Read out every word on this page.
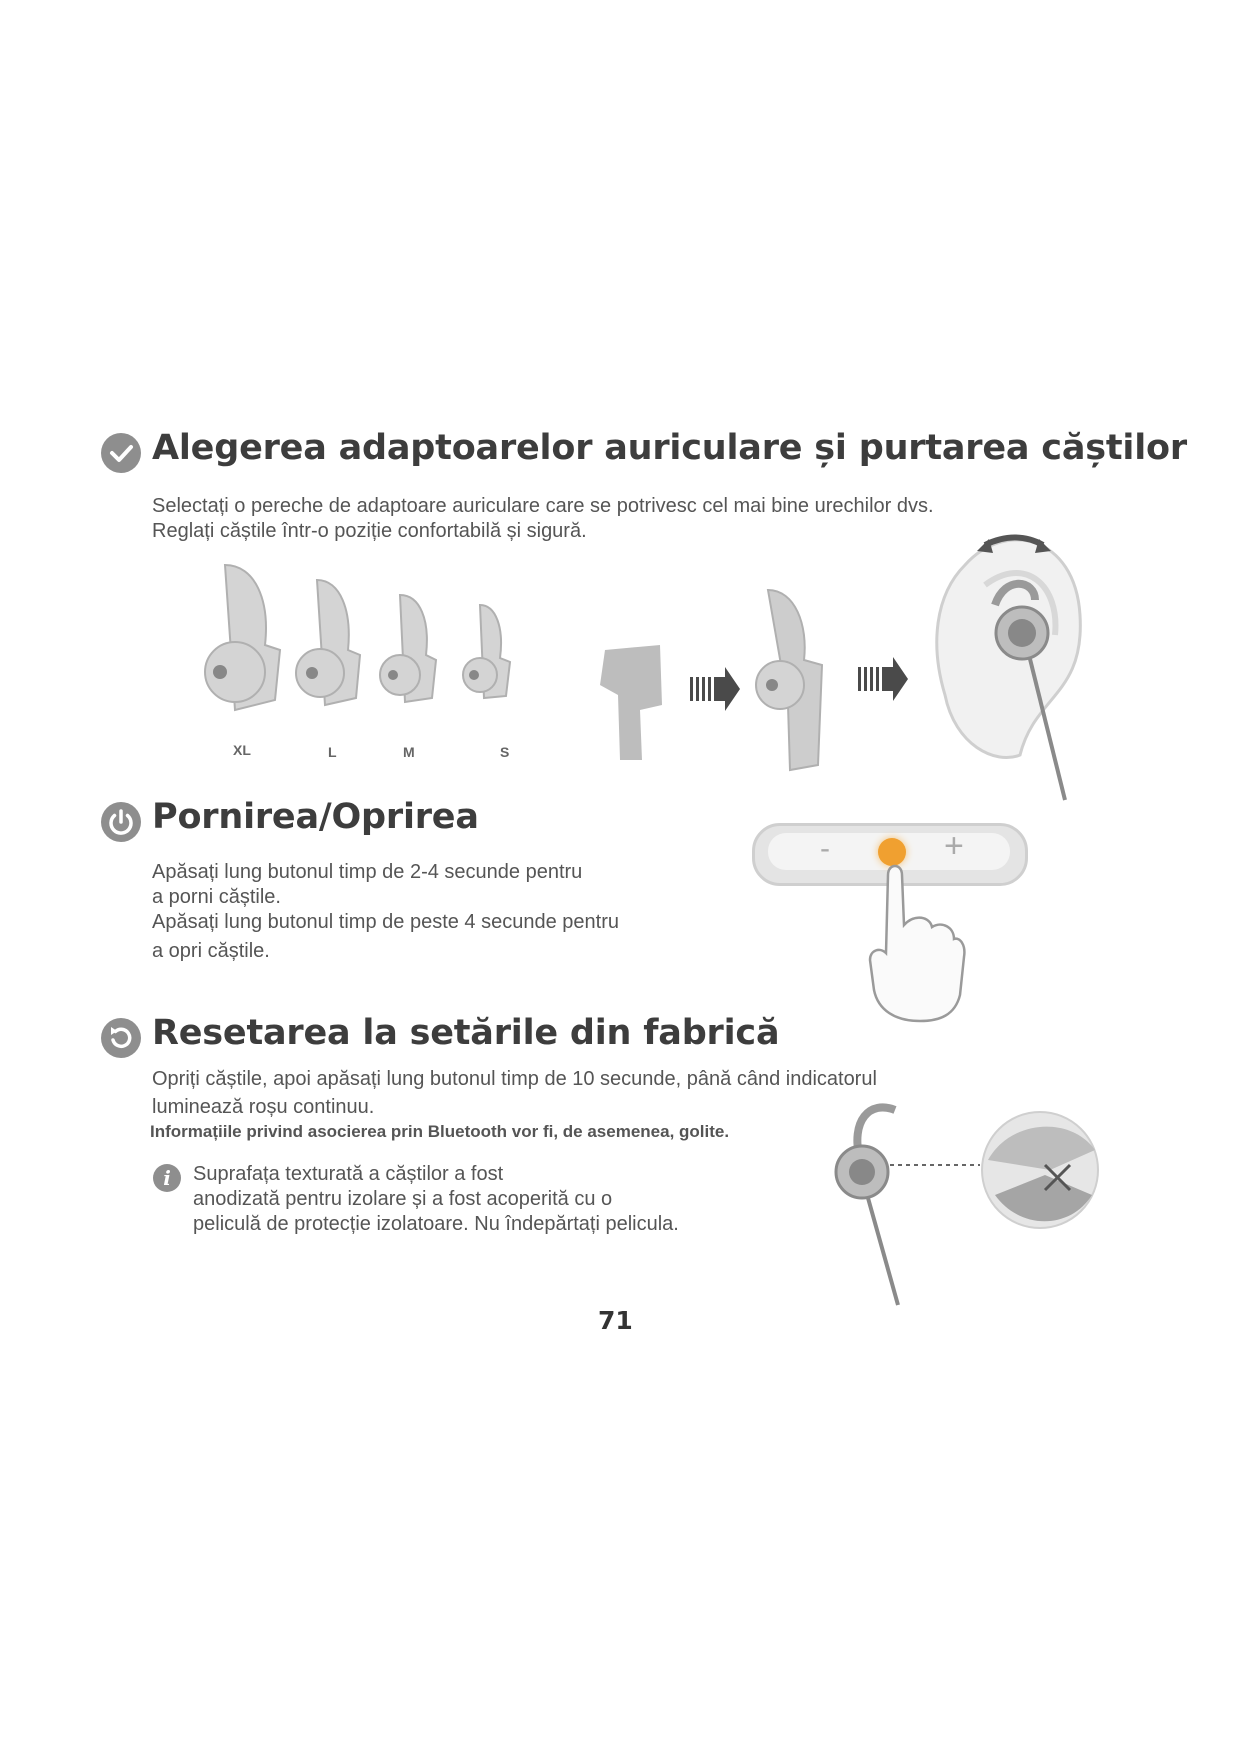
Alegerea adaptoarelor auriculare și purtarea căștilor

Selectați o pereche de adaptoare auriculare care se potrivesc cel mai bine urechilor dvs.

Reglați căștile într-o poziție confortabilă și sigură.

XL	L	M	S
Pornirea/Oprirea

Apăsați lung butonul timp de 2-4 secunde pentru

a porni căștile.

Apăsați lung butonul timp de peste 4 secunde pentru

a opri căștile.

-	+
Resetarea la setările din fabrică

Opriți căștile, apoi apăsați lung butonul timp de 10 secunde, până când indicatorul

luminează roșu continuu.

Informațiile privind asocierea prin Bluetooth vor fi, de asemenea, golite.
i	Suprafața texturată a căștilor a fost

anodizată pentru izolare și a fost acoperită cu o

peliculă de protecție izolatoare. Nu îndepărtați pelicula.

71
